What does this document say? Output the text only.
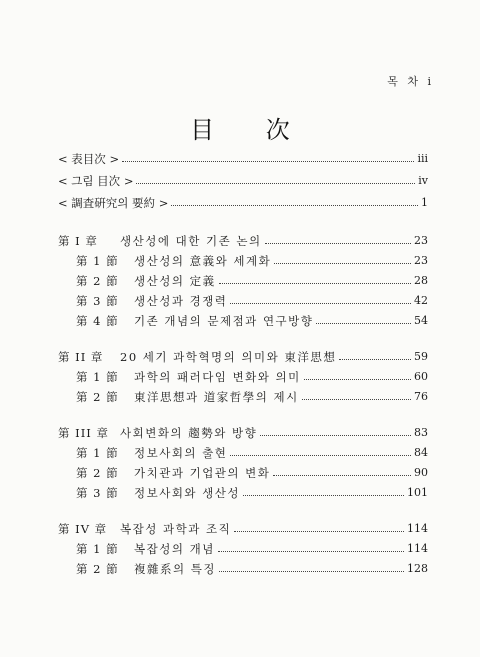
목 차 i
目 次
< 表目次 >	iii
< 그림 目次 >	iv
< 調査硏究의 要約 >	1
第 I 章	생산성에 대한 기존 논의	23
第 1 節	생산성의 意義와 세계화	23
第 2 節	생산성의 定義	28
第 3 節	생산성과 경쟁력	42
第 4 節	기존 개념의 문제점과 연구방향	54
第 II 章	20 세기 과학혁명의 의미와 東洋思想	59
第 1 節	과학의 패러다임 변화와 의미	60
第 2 節	東洋思想과 道家哲學의 제시	76
第 III 章 사회변화의 趨勢와 방향	83
第 1 節	정보사회의 출현	84
第 2 節	가치관과 기업관의 변화	90
第 3 節	정보사회와 생산성	101
第 IV 章	복잡성 과학과 조직	114
第 1 節	복잡성의 개념	114
第 2 節	複雜系의 특징	128
